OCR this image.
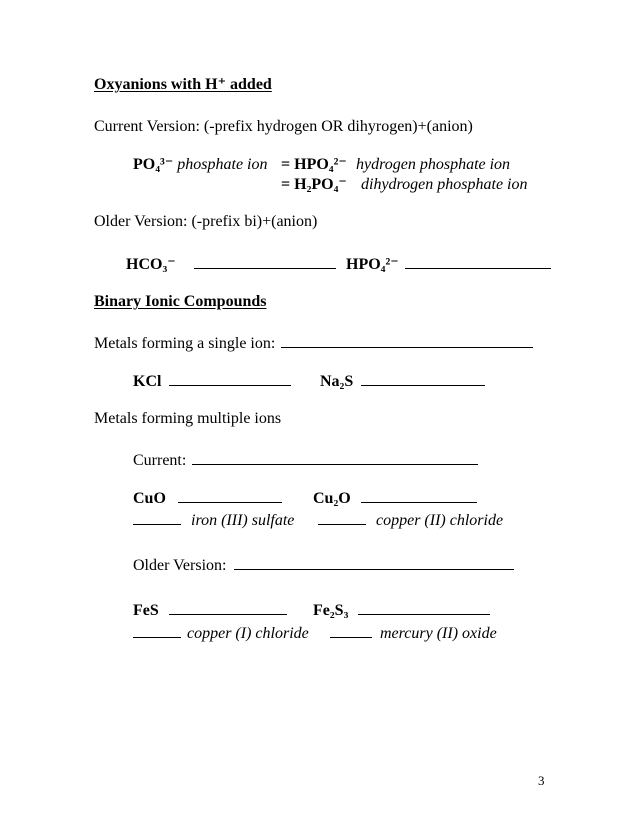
Oxyanions with H⁺ added
Current Version: (-prefix hydrogen OR dihyrogen)+(anion)
PO₄³⁻ phosphate ion = HPO₄²⁻ hydrogen phosphate ion
= H₂PO₄⁻ dihydrogen phosphate ion
Older Version: (-prefix bi)+(anion)
HCO₃⁻	HPO₄²⁻
Binary Ionic Compounds
Metals forming a single ion:
KCl	Na₂S
Metals forming multiple ions
Current:
CuO	Cu₂O
iron (III) sulfate	copper (II) chloride
Older Version:
FeS	Fe₂S₃
copper (I) chloride	mercury (II) oxide
3
